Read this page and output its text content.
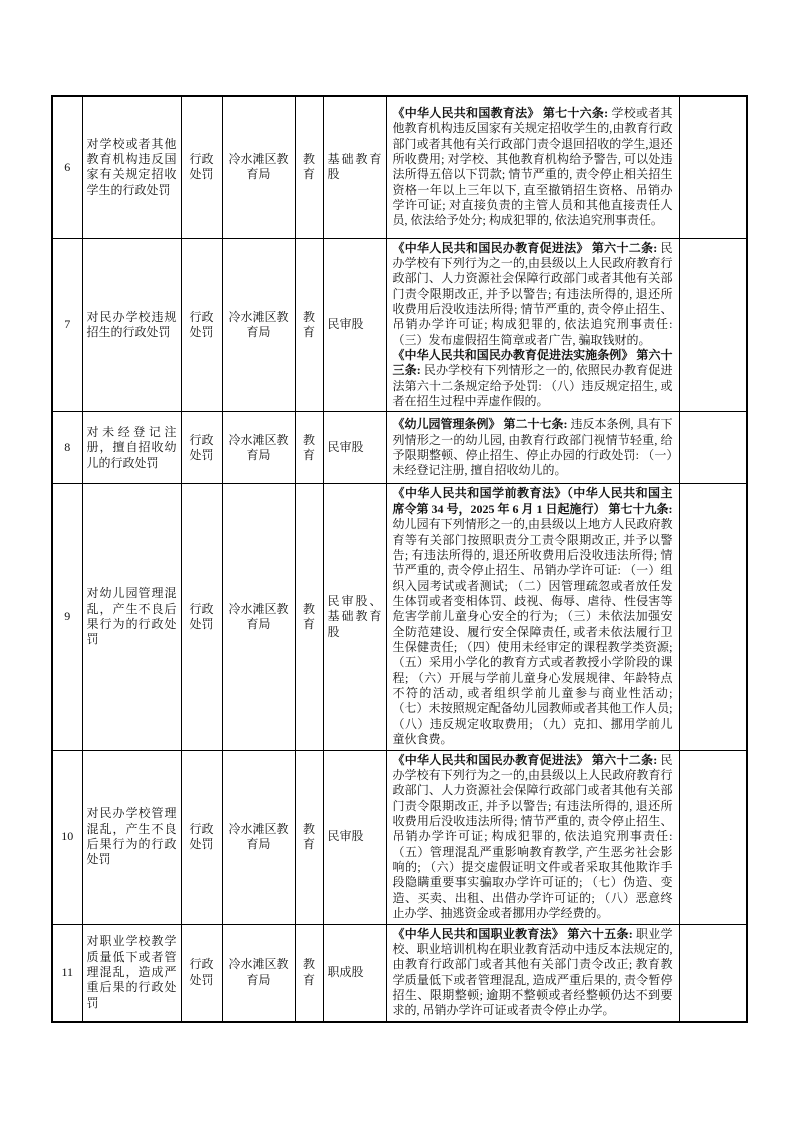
6	对学校或者其他教育机构违反国家有关规定招收学生的行政处罚	行政处罚	冷水滩区教育局	教育	基础教育股	《中华人民共和国教育法》 第七十六条: 学校或者其他教育机构违反国家有关规定招收学生的,由教育行政部门或者其他有关行政部门责令退回招收的学生,退还所收费用; 对学校、其他教育机构给予警告, 可以处违法所得五倍以下罚款; 情节严重的, 责令停止相关招生资格一年以上三年以下, 直至撤销招生资格、吊销办学许可证; 对直接负责的主管人员和其他直接责任人员, 依法给予处分; 构成犯罪的, 依法追究刑事责任。	

7	对民办学校违规招生的行政处罚	行政处罚	冷水滩区教育局	教育	民审股	《中华人民共和国民办教育促进法》 第六十二条: 民办学校有下列行为之一的,由县级以上人民政府教育行政部门、人力资源社会保障行政部门或者其他有关部门责令限期改正, 并予以警告; 有违法所得的, 退还所收费用后没收违法所得; 情节严重的, 责令停止招生、吊销办学许可证; 构成犯罪的, 依法追究刑事责任: （三）发布虚假招生简章或者广告, 骗取钱财的。

《中华人民共和国民办教育促进法实施条例》 第六十三条: 民办学校有下列情形之一的, 依照民办教育促进法第六十二条规定给予处罚: （八）违反规定招生, 或者在招生过程中弄虚作假的。	

8	对未经登记注册，擅自招收幼儿的行政处罚	行政处罚	冷水滩区教育局	教育	民审股	《幼儿园管理条例》 第二十七条: 违反本条例, 具有下列情形之一的幼儿园, 由教育行政部门视情节轻重, 给予限期整顿、停止招生、停止办园的行政处罚: （一）未经登记注册, 擅自招收幼儿的。	

9	对幼儿园管理混乱，产生不良后果行为的行政处罚	行政处罚	冷水滩区教育局	教育	民审股、基础教育股	《中华人民共和国学前教育法》（中华人民共和国主席令第 34 号，2025 年 6 月 1 日起施行） 第七十九条: 幼儿园有下列情形之一的,由县级以上地方人民政府教育等有关部门按照职责分工责令限期改正, 并予以警告; 有违法所得的, 退还所收费用后没收违法所得; 情节严重的, 责令停止招生、吊销办学许可证: （一）组织入园考试或者测试; （二）因管理疏忽或者放任发生体罚或者变相体罚、歧视、侮辱、虐待、性侵害等危害学前儿童身心安全的行为; （三）未依法加强安全防范建设、履行安全保障责任, 或者未依法履行卫生保健责任; （四）使用未经审定的课程教学类资源; （五）采用小学化的教育方式或者教授小学阶段的课程; （六）开展与学前儿童身心发展规律、年龄特点不符的活动, 或者组织学前儿童参与商业性活动; （七）未按照规定配备幼儿园教师或者其他工作人员; （八）违反规定收取费用; （九）克扣、挪用学前儿童伙食费。	

10	对民办学校管理混乱，产生不良后果行为的行政处罚	行政处罚	冷水滩区教育局	教育	民审股	《中华人民共和国民办教育促进法》 第六十二条: 民办学校有下列行为之一的,由县级以上人民政府教育行政部门、人力资源社会保障行政部门或者其他有关部门责令限期改正, 并予以警告; 有违法所得的, 退还所收费用后没收违法所得; 情节严重的, 责令停止招生、吊销办学许可证; 构成犯罪的, 依法追究刑事责任: （五）管理混乱严重影响教育教学, 产生恶劣社会影响的; （六）提交虚假证明文件或者采取其他欺诈手段隐瞒重要事实骗取办学许可证的; （七）伪造、变造、买卖、出租、出借办学许可证的; （八）恶意终止办学、抽逃资金或者挪用办学经费的。	

11	对职业学校教学质量低下或者管理混乱，造成严重后果的行政处罚	行政处罚	冷水滩区教育局	教育	职成股	《中华人民共和国职业教育法》 第六十五条: 职业学校、职业培训机构在职业教育活动中违反本法规定的, 由教育行政部门或者其他有关部门责令改正; 教育教学质量低下或者管理混乱, 造成严重后果的, 责令暂停招生、限期整顿; 逾期不整顿或者经整顿仍达不到要求的, 吊销办学许可证或者责令停止办学。	
